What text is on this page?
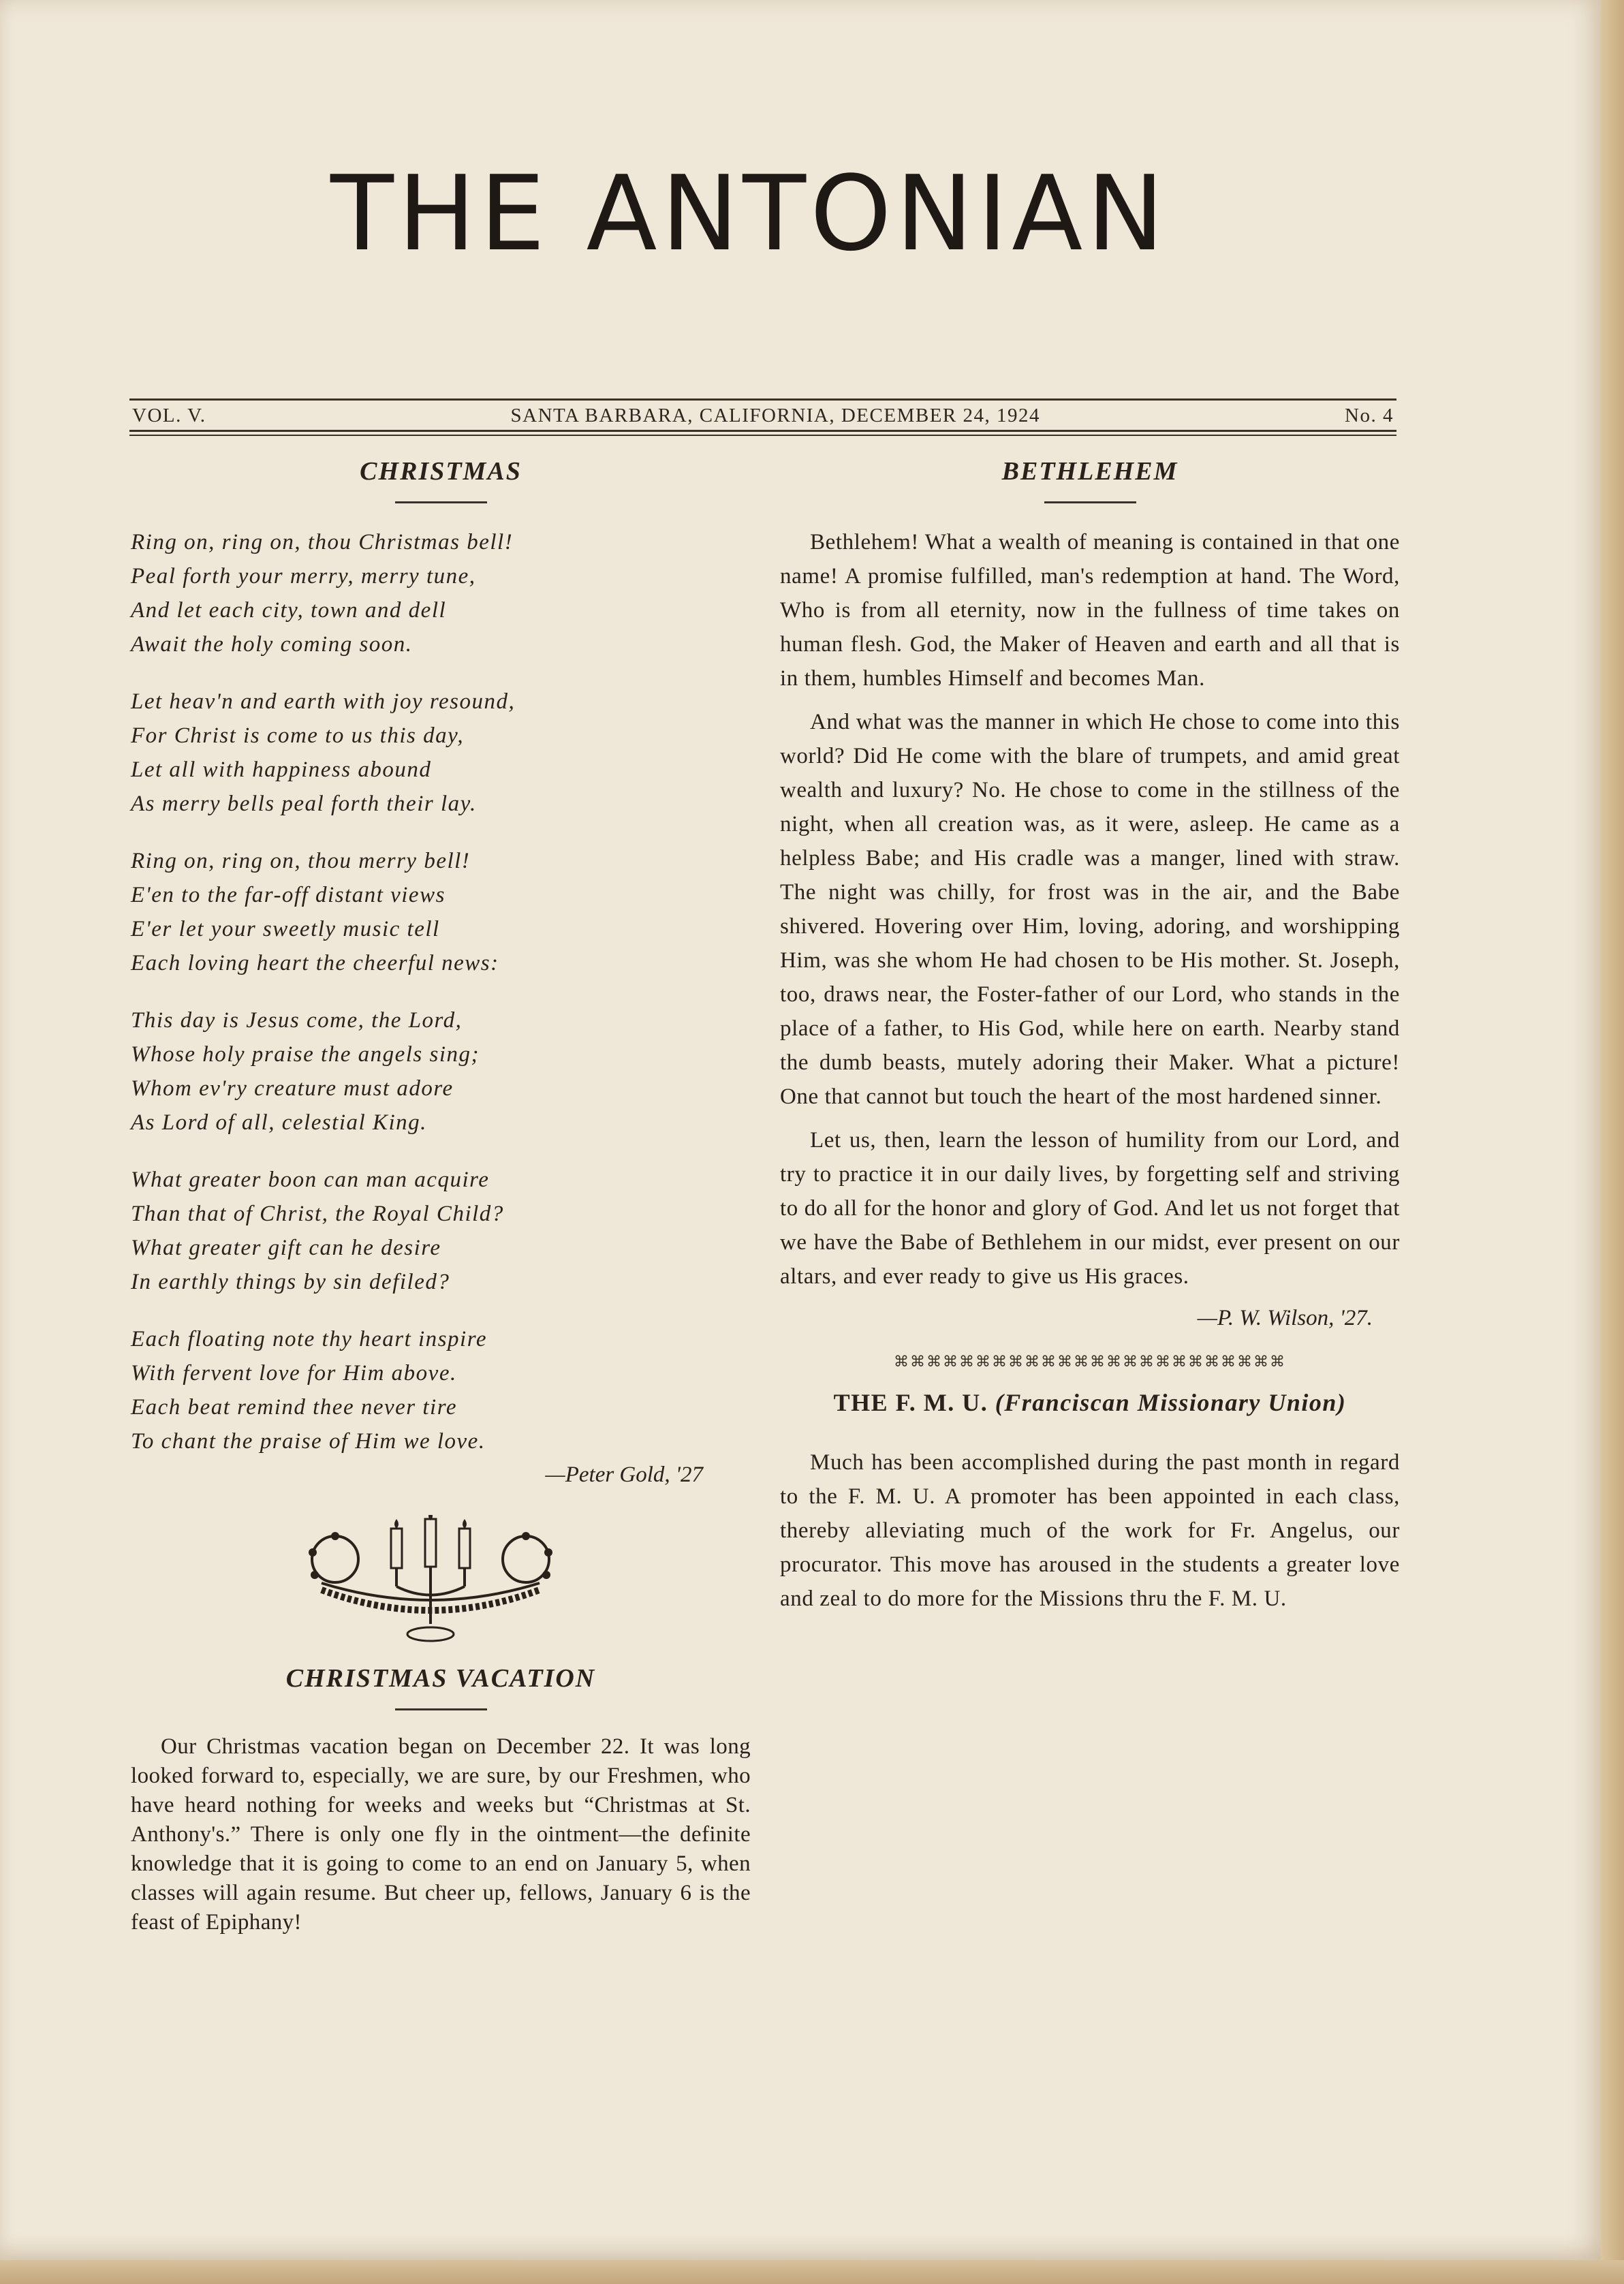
THE ANTONIAN
VOL. V.	SANTA BARBARA, CALIFORNIA, DECEMBER 24, 1924	No. 4
CHRISTMAS
Ring on, ring on, thou Christmas bell!
Peal forth your merry, merry tune,
And let each city, town and dell
Await the holy coming soon.
Let heav'n and earth with joy resound,
For Christ is come to us this day,
Let all with happiness abound
As merry bells peal forth their lay.
Ring on, ring on, thou merry bell!
E'en to the far-off distant views
E'er let your sweetly music tell
Each loving heart the cheerful news:
This day is Jesus come, the Lord,
Whose holy praise the angels sing;
Whom ev'ry creature must adore
As Lord of all, celestial King.
What greater boon can man acquire
Than that of Christ, the Royal Child?
What greater gift can he desire
In earthly things by sin defiled?
Each floating note thy heart inspire
With fervent love for Him above.
Each beat remind thee never tire
To chant the praise of Him we love.
—Peter Gold, '27
CHRISTMAS VACATION

Our Christmas vacation began on December 22. It was long looked forward to, especially, we are sure, by our Freshmen, who have heard nothing for weeks and weeks but “Christmas at St. Anthony's.” There is only one fly in the ointment—the definite knowledge that it is going to come to an end on January 5, when classes will again resume. But cheer up, fellows, January 6 is the feast of Epiphany!

BETHLEHEM

Bethlehem! What a wealth of meaning is contained in that one name! A promise fulfilled, man's redemption at hand. The Word, Who is from all eternity, now in the fullness of time takes on human flesh. God, the Maker of Heaven and earth and all that is in them, humbles Himself and becomes Man.

And what was the manner in which He chose to come into this world? Did He come with the blare of trumpets, and amid great wealth and luxury? No. He chose to come in the stillness of the night, when all creation was, as it were, asleep. He came as a helpless Babe; and His cradle was a manger, lined with straw. The night was chilly, for frost was in the air, and the Babe shivered. Hovering over Him, loving, adoring, and worshipping Him, was she whom He had chosen to be His mother. St. Joseph, too, draws near, the Foster-father of our Lord, who stands in the place of a father, to His God, while here on earth. Nearby stand the dumb beasts, mutely adoring their Maker. What a picture! One that cannot but touch the heart of the most hardened sinner.

Let us, then, learn the lesson of humility from our Lord, and try to practice it in our daily lives, by forgetting self and striving to do all for the honor and glory of God. And let us not forget that we have the Babe of Bethlehem in our midst, ever present on our altars, and ever ready to give us His graces.

—P. W. Wilson, '27.
⌘⌘⌘⌘⌘⌘⌘⌘⌘⌘⌘⌘⌘⌘⌘⌘⌘⌘⌘⌘⌘⌘⌘⌘
THE F. M. U. (Franciscan Missionary Union)

Much has been accomplished during the past month in regard to the F. M. U. A promoter has been appointed in each class, thereby alleviating much of the work for Fr. Angelus, our procurator. This move has aroused in the students a greater love and zeal to do more for the Missions thru the F. M. U.
